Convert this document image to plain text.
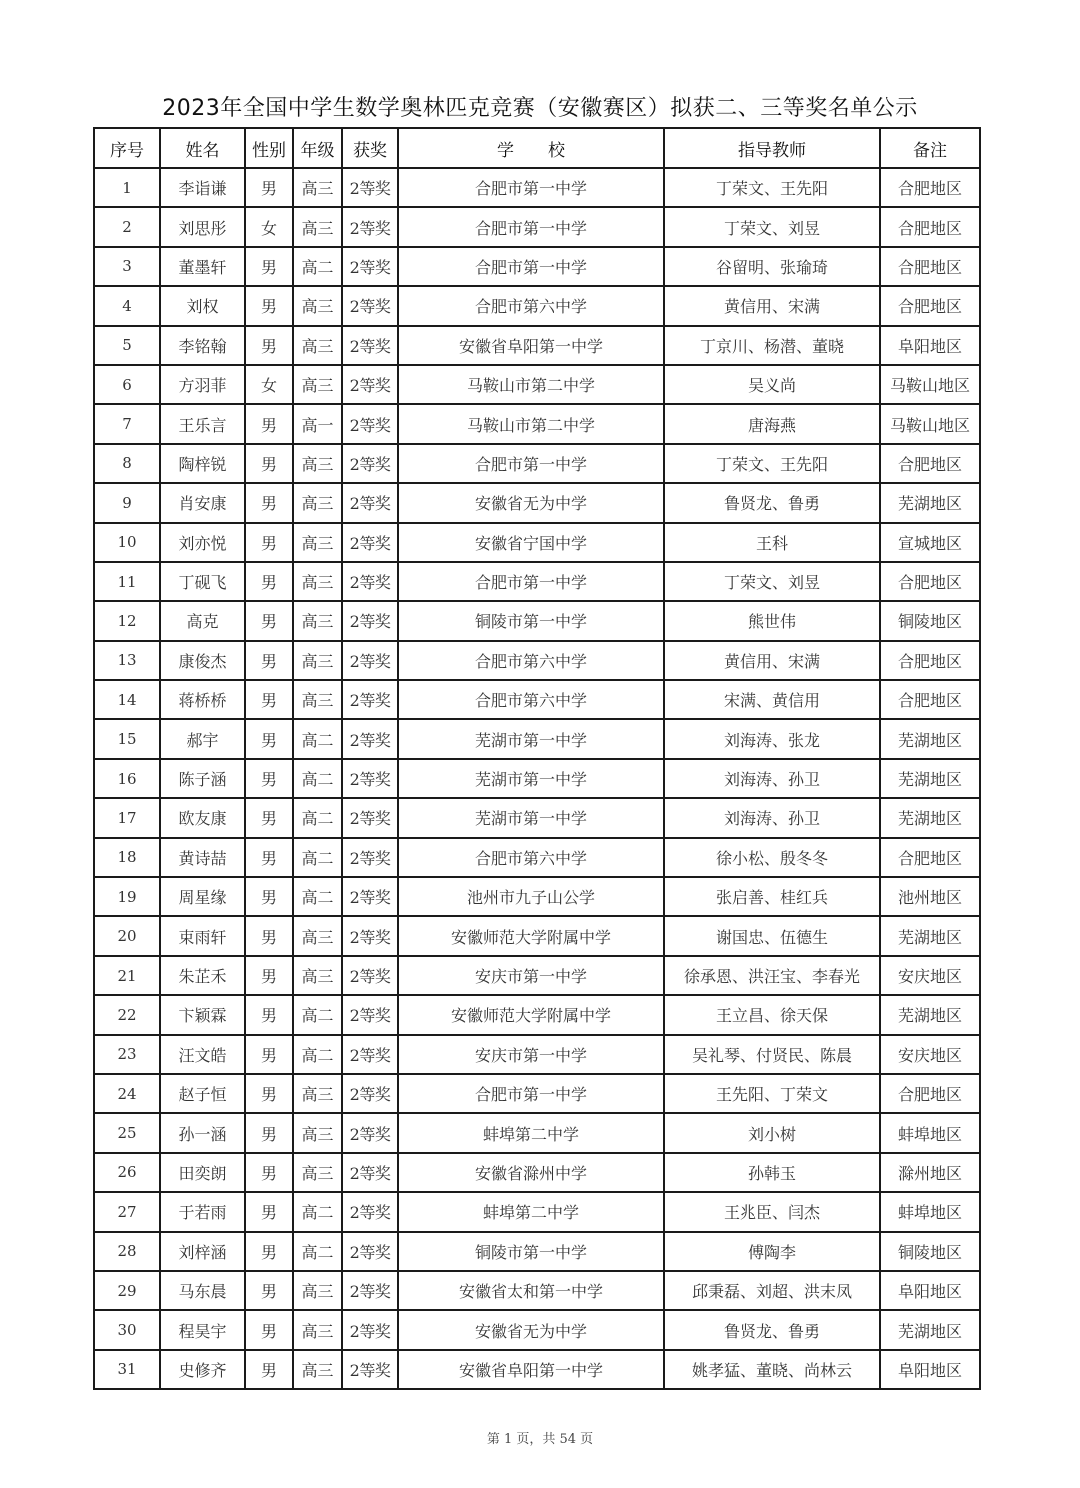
2023年全国中学生数学奥林匹克竞赛（安徽赛区）拟获二、三等奖名单公示
序号	姓名	性别	年级	获奖	学　　校	指导教师	备注
1	李诣谦	男	高三	2等奖	合肥市第一中学	丁荣文、王先阳	合肥地区
2	刘思彤	女	高三	2等奖	合肥市第一中学	丁荣文、刘昱	合肥地区
3	董墨轩	男	高二	2等奖	合肥市第一中学	谷留明、张瑜琦	合肥地区
4	刘权	男	高三	2等奖	合肥市第六中学	黄信用、宋满	合肥地区
5	李铭翰	男	高三	2等奖	安徽省阜阳第一中学	丁京川、杨潜、董晓	阜阳地区
6	方羽菲	女	高三	2等奖	马鞍山市第二中学	吴义尚	马鞍山地区
7	王乐言	男	高一	2等奖	马鞍山市第二中学	唐海燕	马鞍山地区
8	陶梓锐	男	高三	2等奖	合肥市第一中学	丁荣文、王先阳	合肥地区
9	肖安康	男	高三	2等奖	安徽省无为中学	鲁贤龙、鲁勇	芜湖地区
10	刘亦悦	男	高三	2等奖	安徽省宁国中学	王科	宣城地区
11	丁砚飞	男	高三	2等奖	合肥市第一中学	丁荣文、刘昱	合肥地区
12	高克	男	高三	2等奖	铜陵市第一中学	熊世伟	铜陵地区
13	康俊杰	男	高三	2等奖	合肥市第六中学	黄信用、宋满	合肥地区
14	蒋桥桥	男	高三	2等奖	合肥市第六中学	宋满、黄信用	合肥地区
15	郝宇	男	高二	2等奖	芜湖市第一中学	刘海涛、张龙	芜湖地区
16	陈子涵	男	高二	2等奖	芜湖市第一中学	刘海涛、孙卫	芜湖地区
17	欧友康	男	高二	2等奖	芜湖市第一中学	刘海涛、孙卫	芜湖地区
18	黄诗喆	男	高二	2等奖	合肥市第六中学	徐小松、殷冬冬	合肥地区
19	周星缘	男	高二	2等奖	池州市九子山公学	张启善、桂红兵	池州地区
20	束雨轩	男	高三	2等奖	安徽师范大学附属中学	谢国忠、伍德生	芜湖地区
21	朱芷禾	男	高三	2等奖	安庆市第一中学	徐承恩、洪汪宝、李春光	安庆地区
22	卞颖霖	男	高二	2等奖	安徽师范大学附属中学	王立昌、徐天保	芜湖地区
23	汪文皓	男	高二	2等奖	安庆市第一中学	吴礼琴、付贤民、陈晨	安庆地区
24	赵子恒	男	高三	2等奖	合肥市第一中学	王先阳、丁荣文	合肥地区
25	孙一涵	男	高三	2等奖	蚌埠第二中学	刘小树	蚌埠地区
26	田奕朗	男	高三	2等奖	安徽省滁州中学	孙韩玉	滁州地区
27	于若雨	男	高二	2等奖	蚌埠第二中学	王兆臣、闫杰	蚌埠地区
28	刘梓涵	男	高二	2等奖	铜陵市第一中学	傅陶李	铜陵地区
29	马东晨	男	高三	2等奖	安徽省太和第一中学	邱秉磊、刘超、洪末凤	阜阳地区
30	程昊宇	男	高三	2等奖	安徽省无为中学	鲁贤龙、鲁勇	芜湖地区
31	史修齐	男	高三	2等奖	安徽省阜阳第一中学	姚孝猛、董晓、尚林云	阜阳地区
第 1 页，共 54 页
